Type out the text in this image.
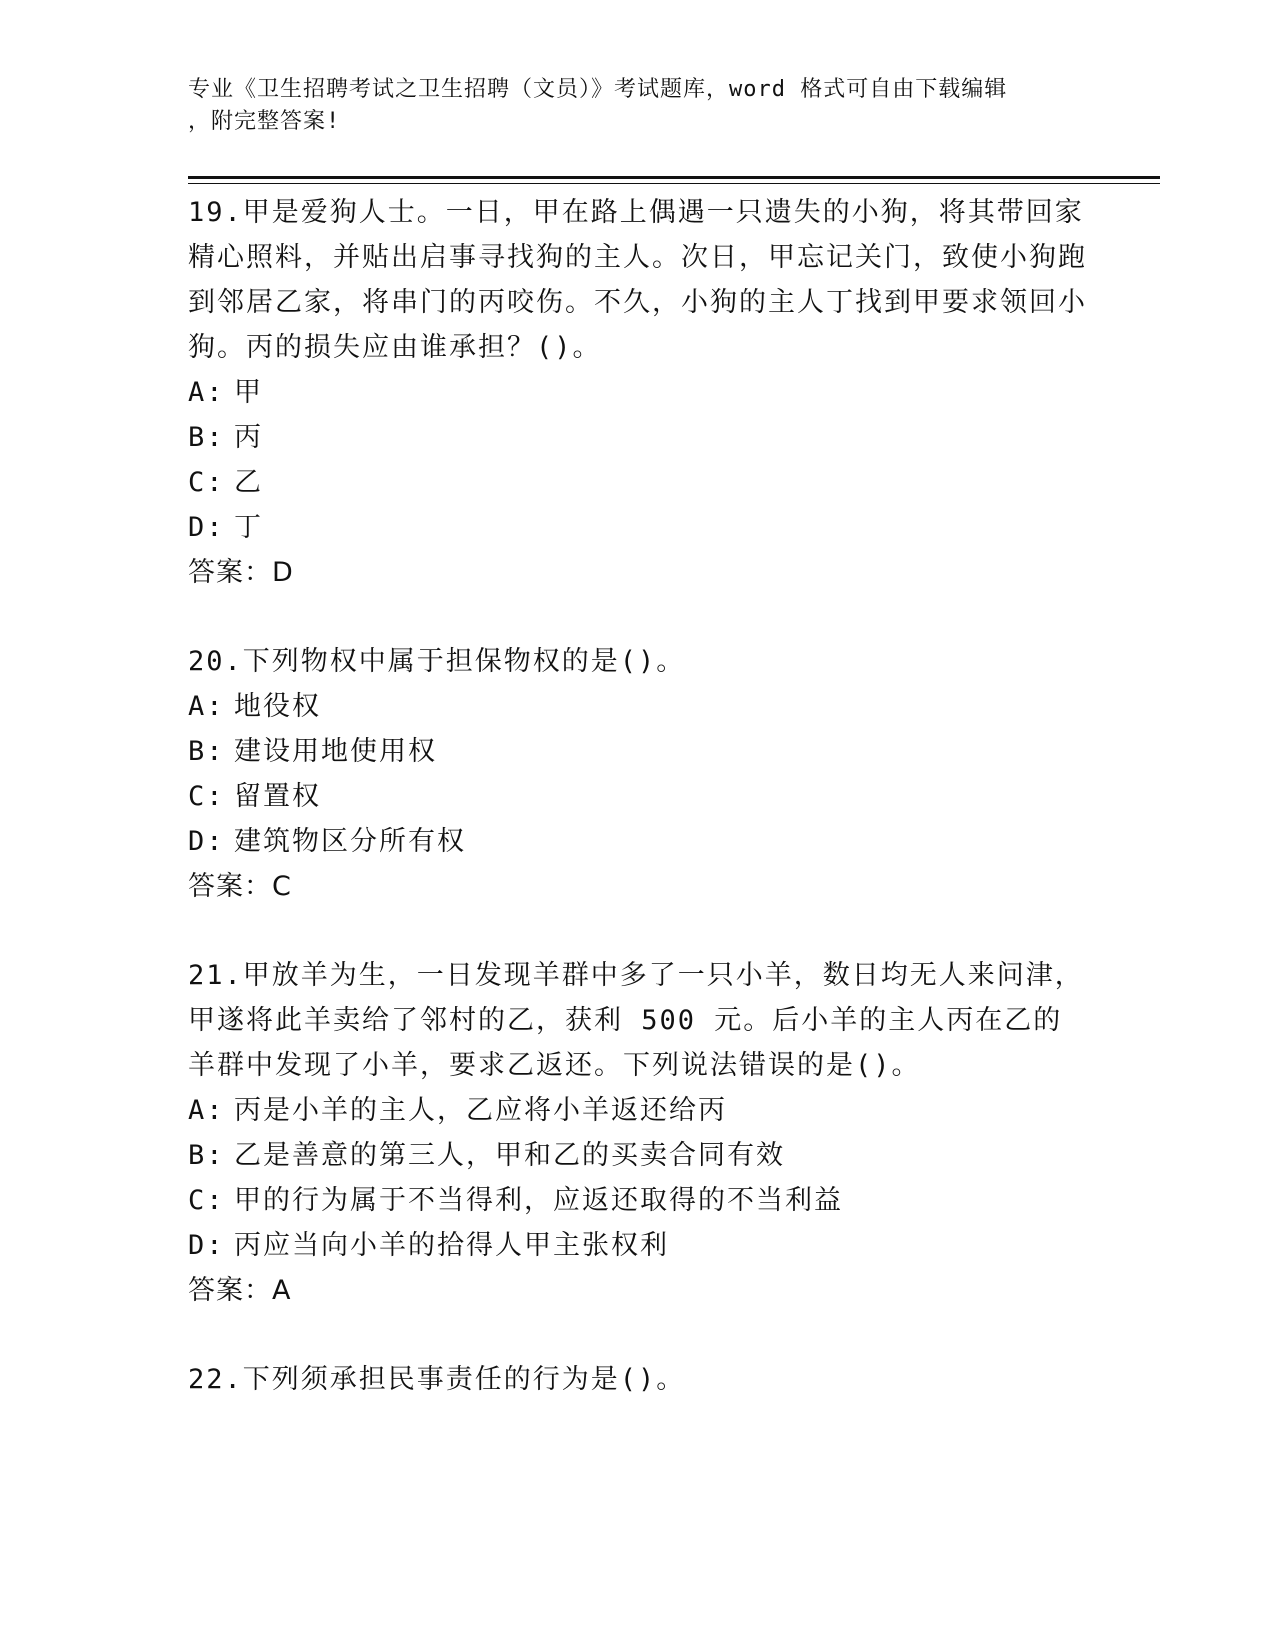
专业《卫生招聘考试之卫生招聘（文员）》考试题库，word 格式可自由下载编辑
，附完整答案!

19.甲是爱狗人士。一日，甲在路上偶遇一只遗失的小狗，将其带回家精心照料，并贴出启事寻找狗的主人。次日，甲忘记关门，致使小狗跑到邻居乙家，将串门的丙咬伤。不久，小狗的主人丁找到甲要求领回小狗。丙的损失应由谁承担？()。

A: 甲
B: 丙
C: 乙
D: 丁
答案：D

20.下列物权中属于担保物权的是()。

A: 地役权
B: 建设用地使用权
C: 留置权
D: 建筑物区分所有权
答案：C

21.甲放羊为生，一日发现羊群中多了一只小羊，数日均无人来问津，甲遂将此羊卖给了邻村的乙，获利 500 元。后小羊的主人丙在乙的羊群中发现了小羊，要求乙返还。下列说法错误的是()。

A: 丙是小羊的主人，乙应将小羊返还给丙
B: 乙是善意的第三人，甲和乙的买卖合同有效
C: 甲的行为属于不当得利，应返还取得的不当利益
D: 丙应当向小羊的拾得人甲主张权利
答案：A

22.下列须承担民事责任的行为是()。
